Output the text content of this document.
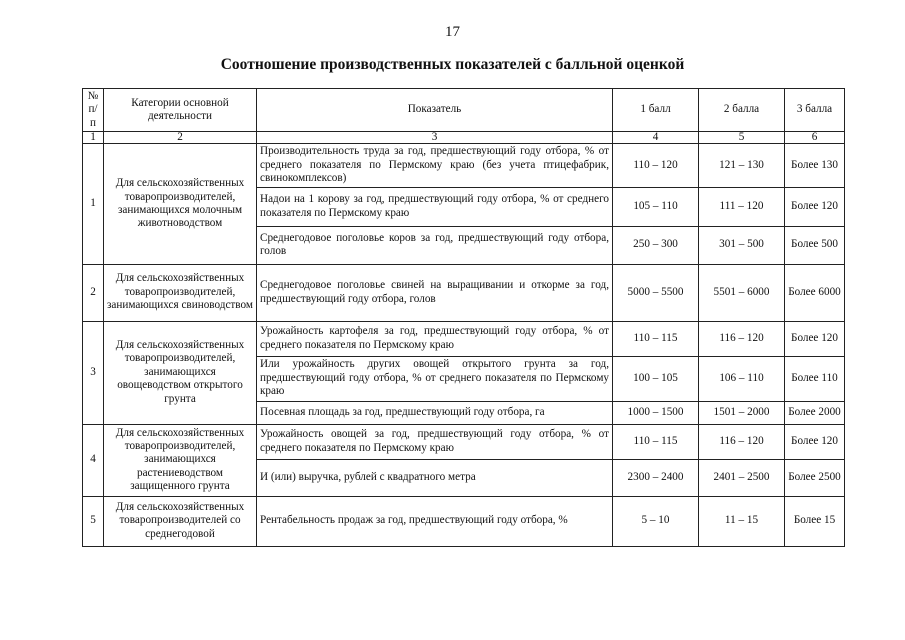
17
Соотношение производственных показателей с балльной оценкой
№ п/п	Категории основной деятельности	Показатель	1 балл	2 балла	3 балла
1	2	3	4	5	6
1	Для сельскохозяйственных товаропроизводителей, занимающихся молочным животноводством	Производительность труда за год, предшествующий году отбора, % от среднего показателя по Пермскому краю (без учета птицефабрик, свинокомплексов)	110 – 120	121 – 130	Более 130
		Надои на 1 корову за год, предшествующий году отбора, % от среднего показателя по Пермскому краю	105 – 110	111 – 120	Более 120
		Среднегодовое поголовье коров за год, предшествующий году отбора, голов	250 – 300	301 – 500	Более 500
2	Для сельскохозяйственных товаропроизводителей, занимающихся свиноводством	Среднегодовое поголовье свиней на выращивании и откорме за год, предшествующий году отбора, голов	5000 – 5500	5501 – 6000	Более 6000
3	Для сельскохозяйственных товаропроизводителей, занимающихся овощеводством открытого грунта	Урожайность картофеля за год, предшествующий году отбора, % от среднего показателя по Пермскому краю	110 – 115	116 – 120	Более 120
		Или урожайность других овощей открытого грунта за год, предшествующий году отбора, % от среднего показателя по Пермскому краю	100 – 105	106 – 110	Более 110
		Посевная площадь за год, предшествующий году отбора, га	1000 – 1500	1501 – 2000	Более 2000
4	Для сельскохозяйственных товаропроизводителей, занимающихся растениеводством защищенного грунта	Урожайность овощей за год, предшествующий году отбора, % от среднего показателя по Пермскому краю	110 – 115	116 – 120	Более 120
		И (или) выручка, рублей с квадратного метра	2300 – 2400	2401 – 2500	Более 2500
5	Для сельскохозяйственных товаропроизводителей со среднегодовой	Рентабельность продаж за год, предшествующий году отбора, %	5 – 10	11 – 15	Более 15
